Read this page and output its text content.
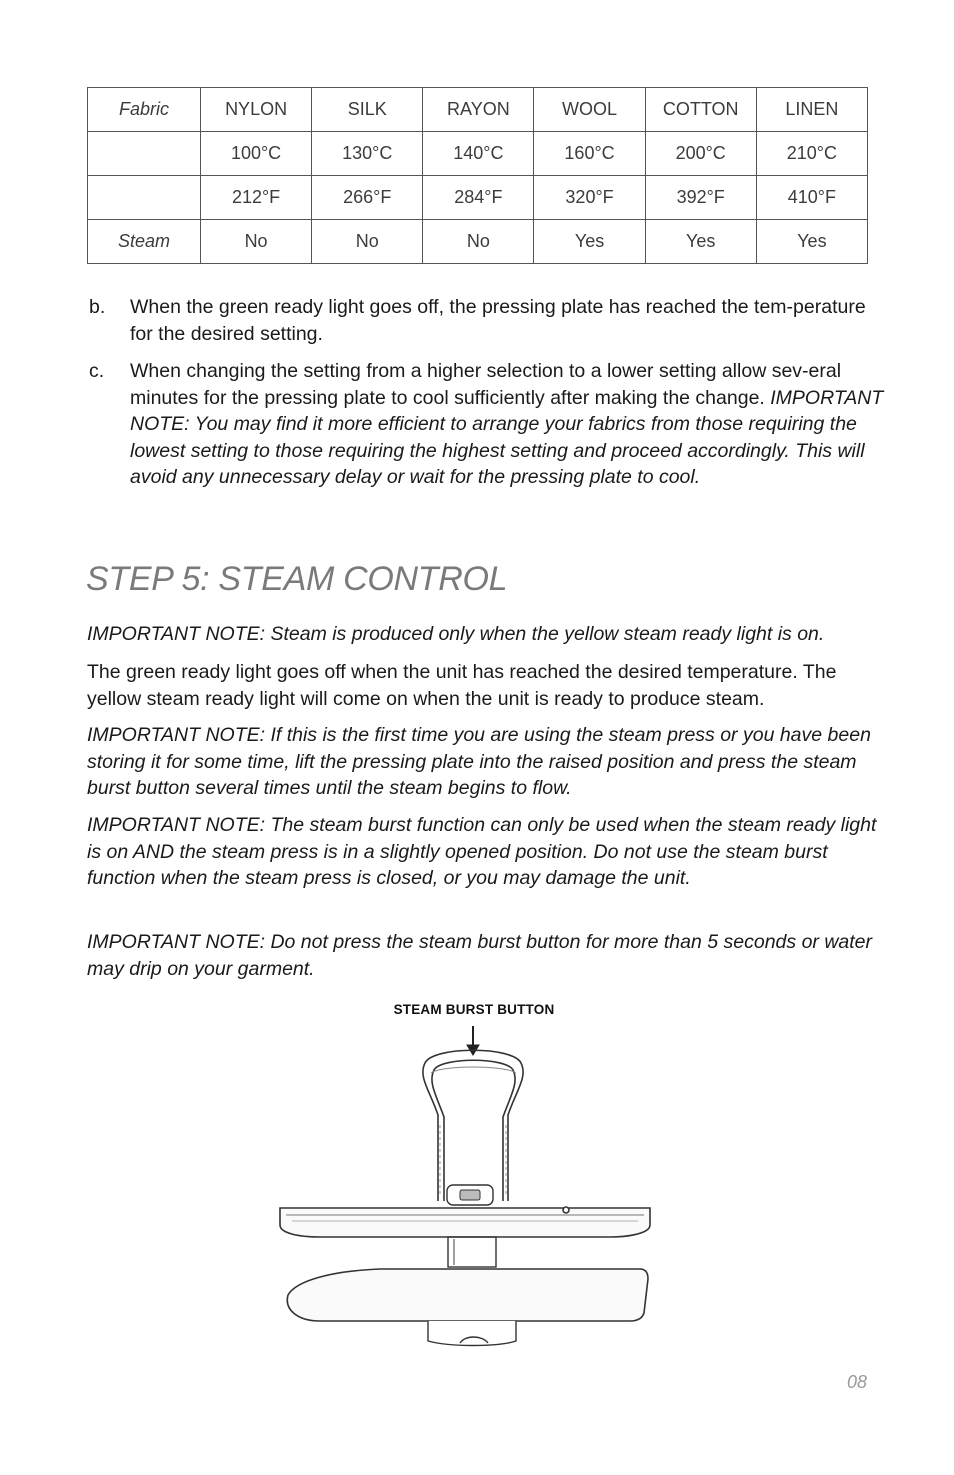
Fabric	NYLON	SILK	RAYON	WOOL	COTTON	LINEN
	100°C	130°C	140°C	160°C	200°C	210°C
	212°F	266°F	284°F	320°F	392°F	410°F
Steam	No	No	No	Yes	Yes	Yes
b. When the green ready light goes off, the pressing plate has reached the tem-perature for the desired setting.
c. When changing the setting from a higher selection to a lower setting allow sev-eral minutes for the pressing plate to cool sufficiently after making the change. IMPORTANT NOTE: You may find it more efficient to arrange your fabrics from those requiring the lowest setting to those requiring the highest setting and proceed accordingly. This will avoid any unnecessary delay or wait for the pressing plate to cool.
STEP 5: STEAM CONTROL

IMPORTANT NOTE: Steam is produced only when the yellow steam ready light is on.

The green ready light goes off when the unit has reached the desired temperature. The yellow steam ready light will come on when the unit is ready to produce steam.

IMPORTANT NOTE: If this is the first time you are using the steam press or you have been storing it for some time, lift the pressing plate into the raised position and press the steam burst button several times until the steam begins to flow.

IMPORTANT NOTE: The steam burst function can only be used when the steam ready light is on AND the steam press is in a slightly opened position. Do not use the steam burst function when the steam press is closed, or you may damage the unit.

IMPORTANT NOTE: Do not press the steam burst button for more than 5 seconds or water may drip on your garment.

STEAM BURST BUTTON
08
